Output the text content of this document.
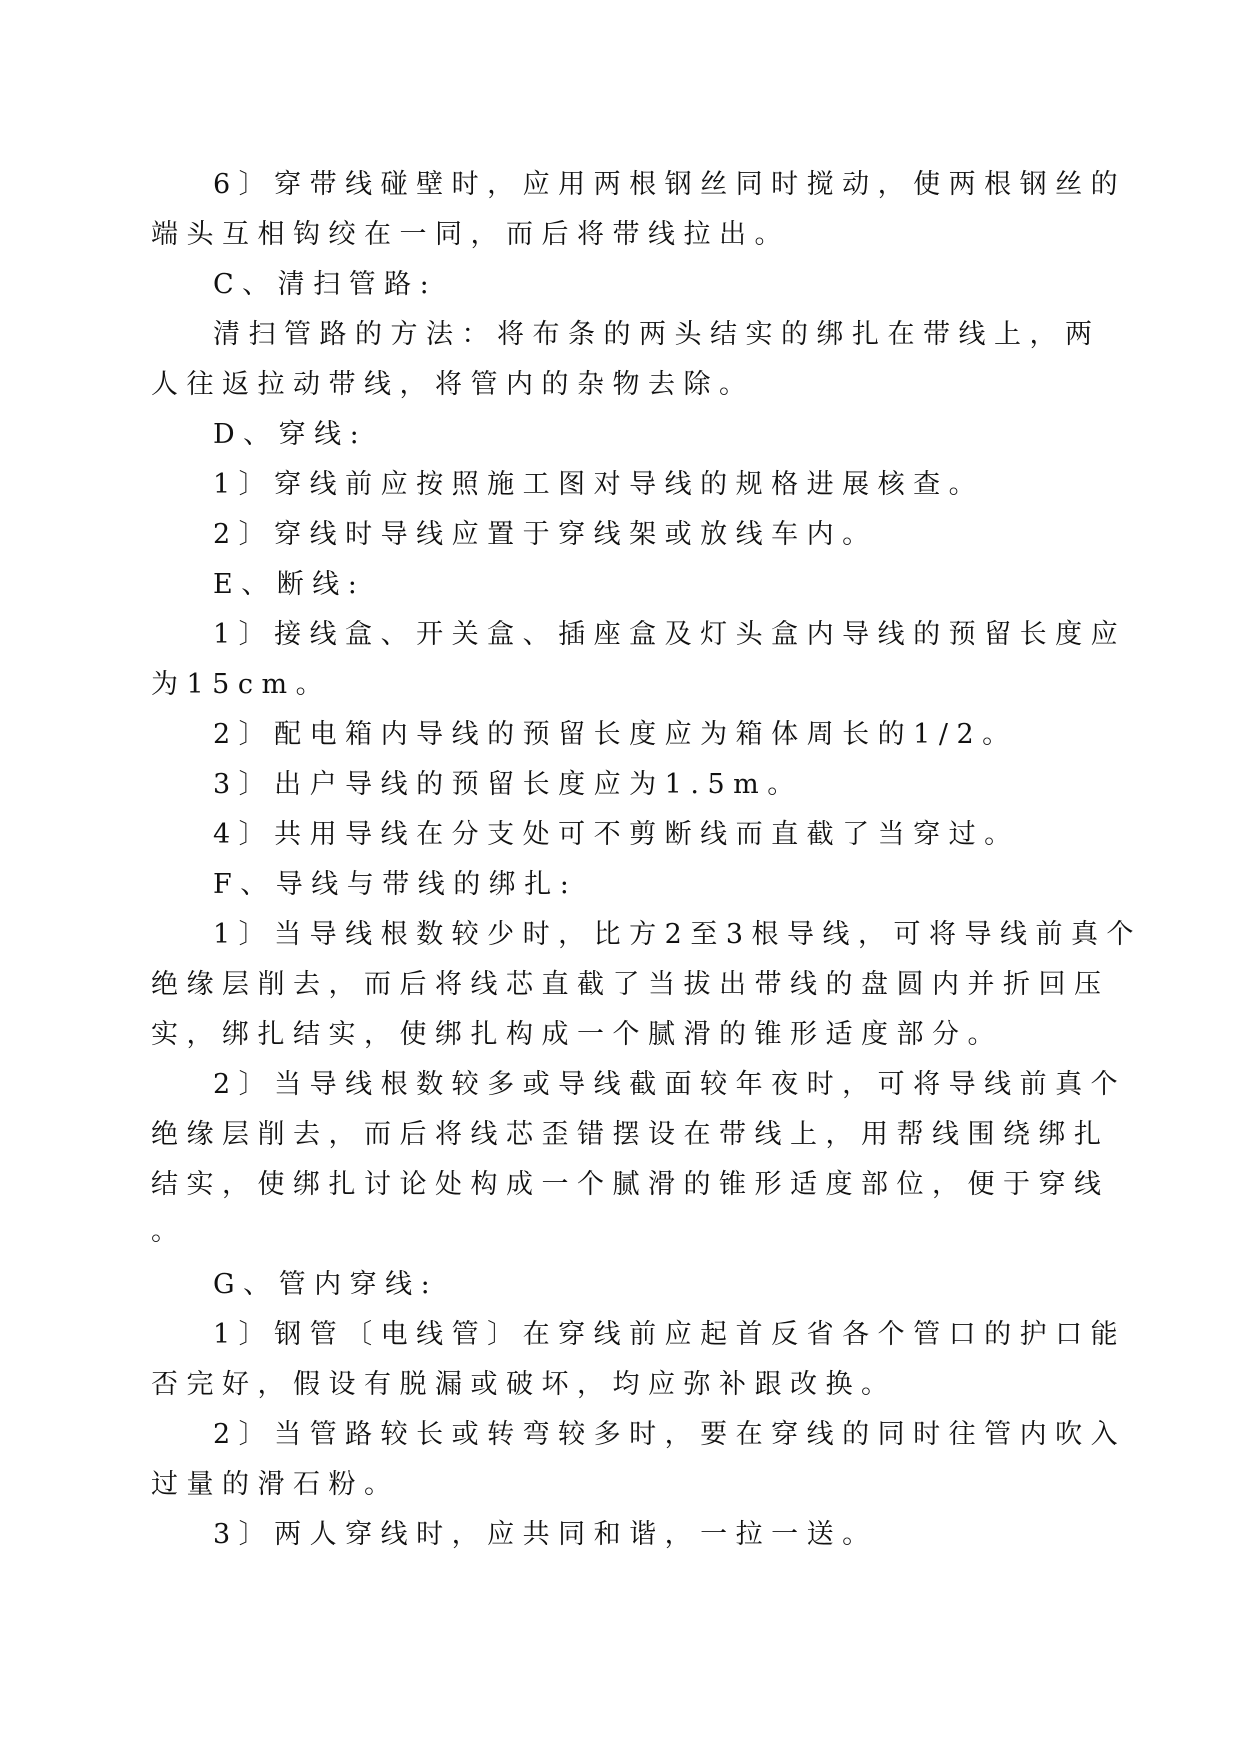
6〕穿带线碰壁时，应用两根钢丝同时搅动，使两根钢丝的
端头互相钩绞在一同，而后将带线拉出。
C、清扫管路:
清扫管路的方法：将布条的两头结实的绑扎在带线上，两
人往返拉动带线，将管内的杂物去除。
D、穿线:
1〕穿线前应按照施工图对导线的规格进展核查。
2〕穿线时导线应置于穿线架或放线车内。
E、断线:
1〕接线盒、开关盒、插座盒及灯头盒内导线的预留长度应
为15cm。
2〕配电箱内导线的预留长度应为箱体周长的1/2。
3〕出户导线的预留长度应为1.5m。
4〕共用导线在分支处可不剪断线而直截了当穿过。
F、导线与带线的绑扎:
1〕当导线根数较少时，比方2至3根导线，可将导线前真个
绝缘层削去，而后将线芯直截了当拔出带线的盘圆内并折回压
实，绑扎结实，使绑扎构成一个腻滑的锥形适度部分。
2〕当导线根数较多或导线截面较年夜时，可将导线前真个
绝缘层削去，而后将线芯歪错摆设在带线上，用帮线围绕绑扎
结实，使绑扎讨论处构成一个腻滑的锥形适度部位，便于穿线
。
G、管内穿线:
1〕钢管〔电线管〕在穿线前应起首反省各个管口的护口能
否完好，假设有脱漏或破坏，均应弥补跟改换。
2〕当管路较长或转弯较多时，要在穿线的同时往管内吹入
过量的滑石粉。
3〕两人穿线时，应共同和谐，一拉一送。
